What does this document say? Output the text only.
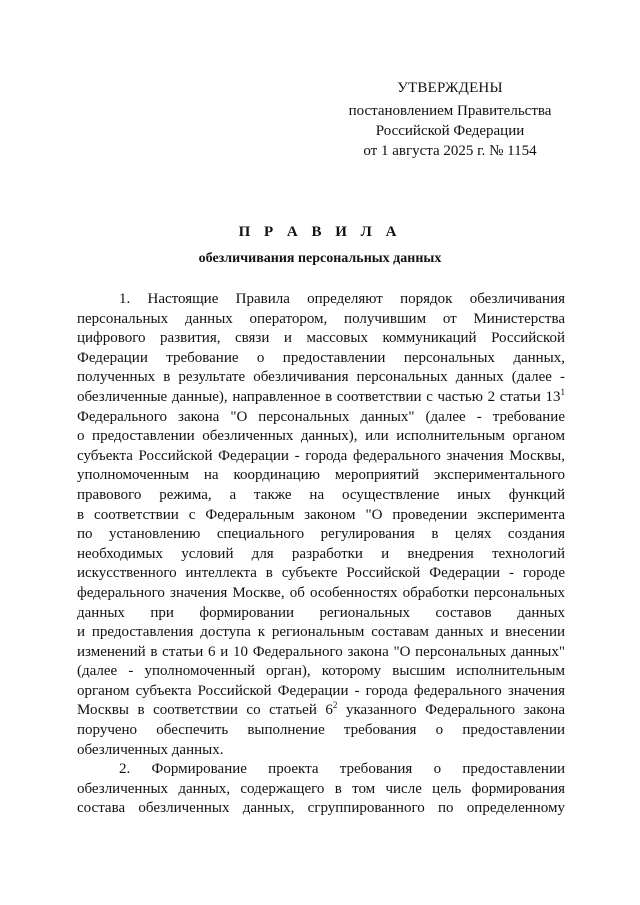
УТВЕРЖДЕНЫ
постановлением Правительства
Российской Федерации
от 1 августа 2025 г. № 1154

П Р А В И Л А

обезличивания персональных данных

1. Настоящие Правила определяют порядок обезличивания
персональных данных оператором, получившим от Министерства
цифрового развития, связи и массовых коммуникаций Российской
Федерации требование о предоставлении персональных данных,
полученных в результате обезличивания персональных данных (далее -
обезличенные данные), направленное в соответствии с частью 2 статьи $13^1$
Федерального закона "О персональных данных" (далее - требование
о предоставлении обезличенных данных), или исполнительным органом
субъекта Российской Федерации - города федерального значения Москвы,
уполномоченным на координацию мероприятий экспериментального
правового режима, а также на осуществление иных функций
в соответствии с Федеральным законом "О проведении эксперимента
по установлению специального регулирования в целях создания
необходимых условий для разработки и внедрения технологий
искусственного интеллекта в субъекте Российской Федерации - городе
федерального значения Москве, об особенностях обработки персональных
данных при формировании региональных составов данных
и предоставления доступа к региональным составам данных и внесении
изменений в статьи 6 и 10 Федерального закона "О персональных данных"
(далее - уполномоченный орган), которому высшим исполнительным
органом субъекта Российской Федерации - города федерального значения
Москвы в соответствии со статьей $6^2$ указанного Федерального закона
поручено обеспечить выполнение требования о предоставлении
обезличенных данных.
2. Формирование проекта требования о предоставлении
обезличенных данных, содержащего в том числе цель формирования
состава обезличенных данных, сгруппированного по определенному
